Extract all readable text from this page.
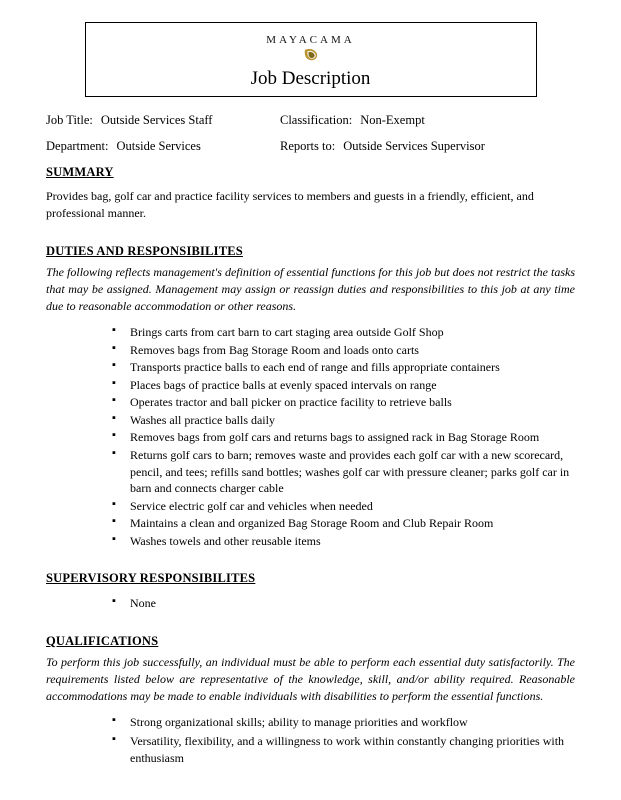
MAYACAMA
Job Description
Job Title: Outside Services Staff	Classification: Non-Exempt
Department: Outside Services	Reports to: Outside Services Supervisor
SUMMARY
Provides bag, golf car and practice facility services to members and guests in a friendly, efficient, and professional manner.
DUTIES AND RESPONSIBILITES
The following reflects management's definition of essential functions for this job but does not restrict the tasks that may be assigned. Management may assign or reassign duties and responsibilities to this job at any time due to reasonable accommodation or other reasons.
▪ Brings carts from cart barn to cart staging area outside Golf Shop
▪ Removes bags from Bag Storage Room and loads onto carts
▪ Transports practice balls to each end of range and fills appropriate containers
▪ Places bags of practice balls at evenly spaced intervals on range
▪ Operates tractor and ball picker on practice facility to retrieve balls
▪ Washes all practice balls daily
▪ Removes bags from golf cars and returns bags to assigned rack in Bag Storage Room
▪ Returns golf cars to barn; removes waste and provides each golf car with a new scorecard, pencil, and tees; refills sand bottles; washes golf car with pressure cleaner; parks golf car in barn and connects charger cable
▪ Service electric golf car and vehicles when needed
▪ Maintains a clean and organized Bag Storage Room and Club Repair Room
▪ Washes towels and other reusable items
SUPERVISORY RESPONSIBILITES
▪ None
QUALIFICATIONS
To perform this job successfully, an individual must be able to perform each essential duty satisfactorily. The requirements listed below are representative of the knowledge, skill, and/or ability required. Reasonable accommodations may be made to enable individuals with disabilities to perform the essential functions.
▪ Strong organizational skills; ability to manage priorities and workflow
▪ Versatility, flexibility, and a willingness to work within constantly changing priorities with enthusiasm
